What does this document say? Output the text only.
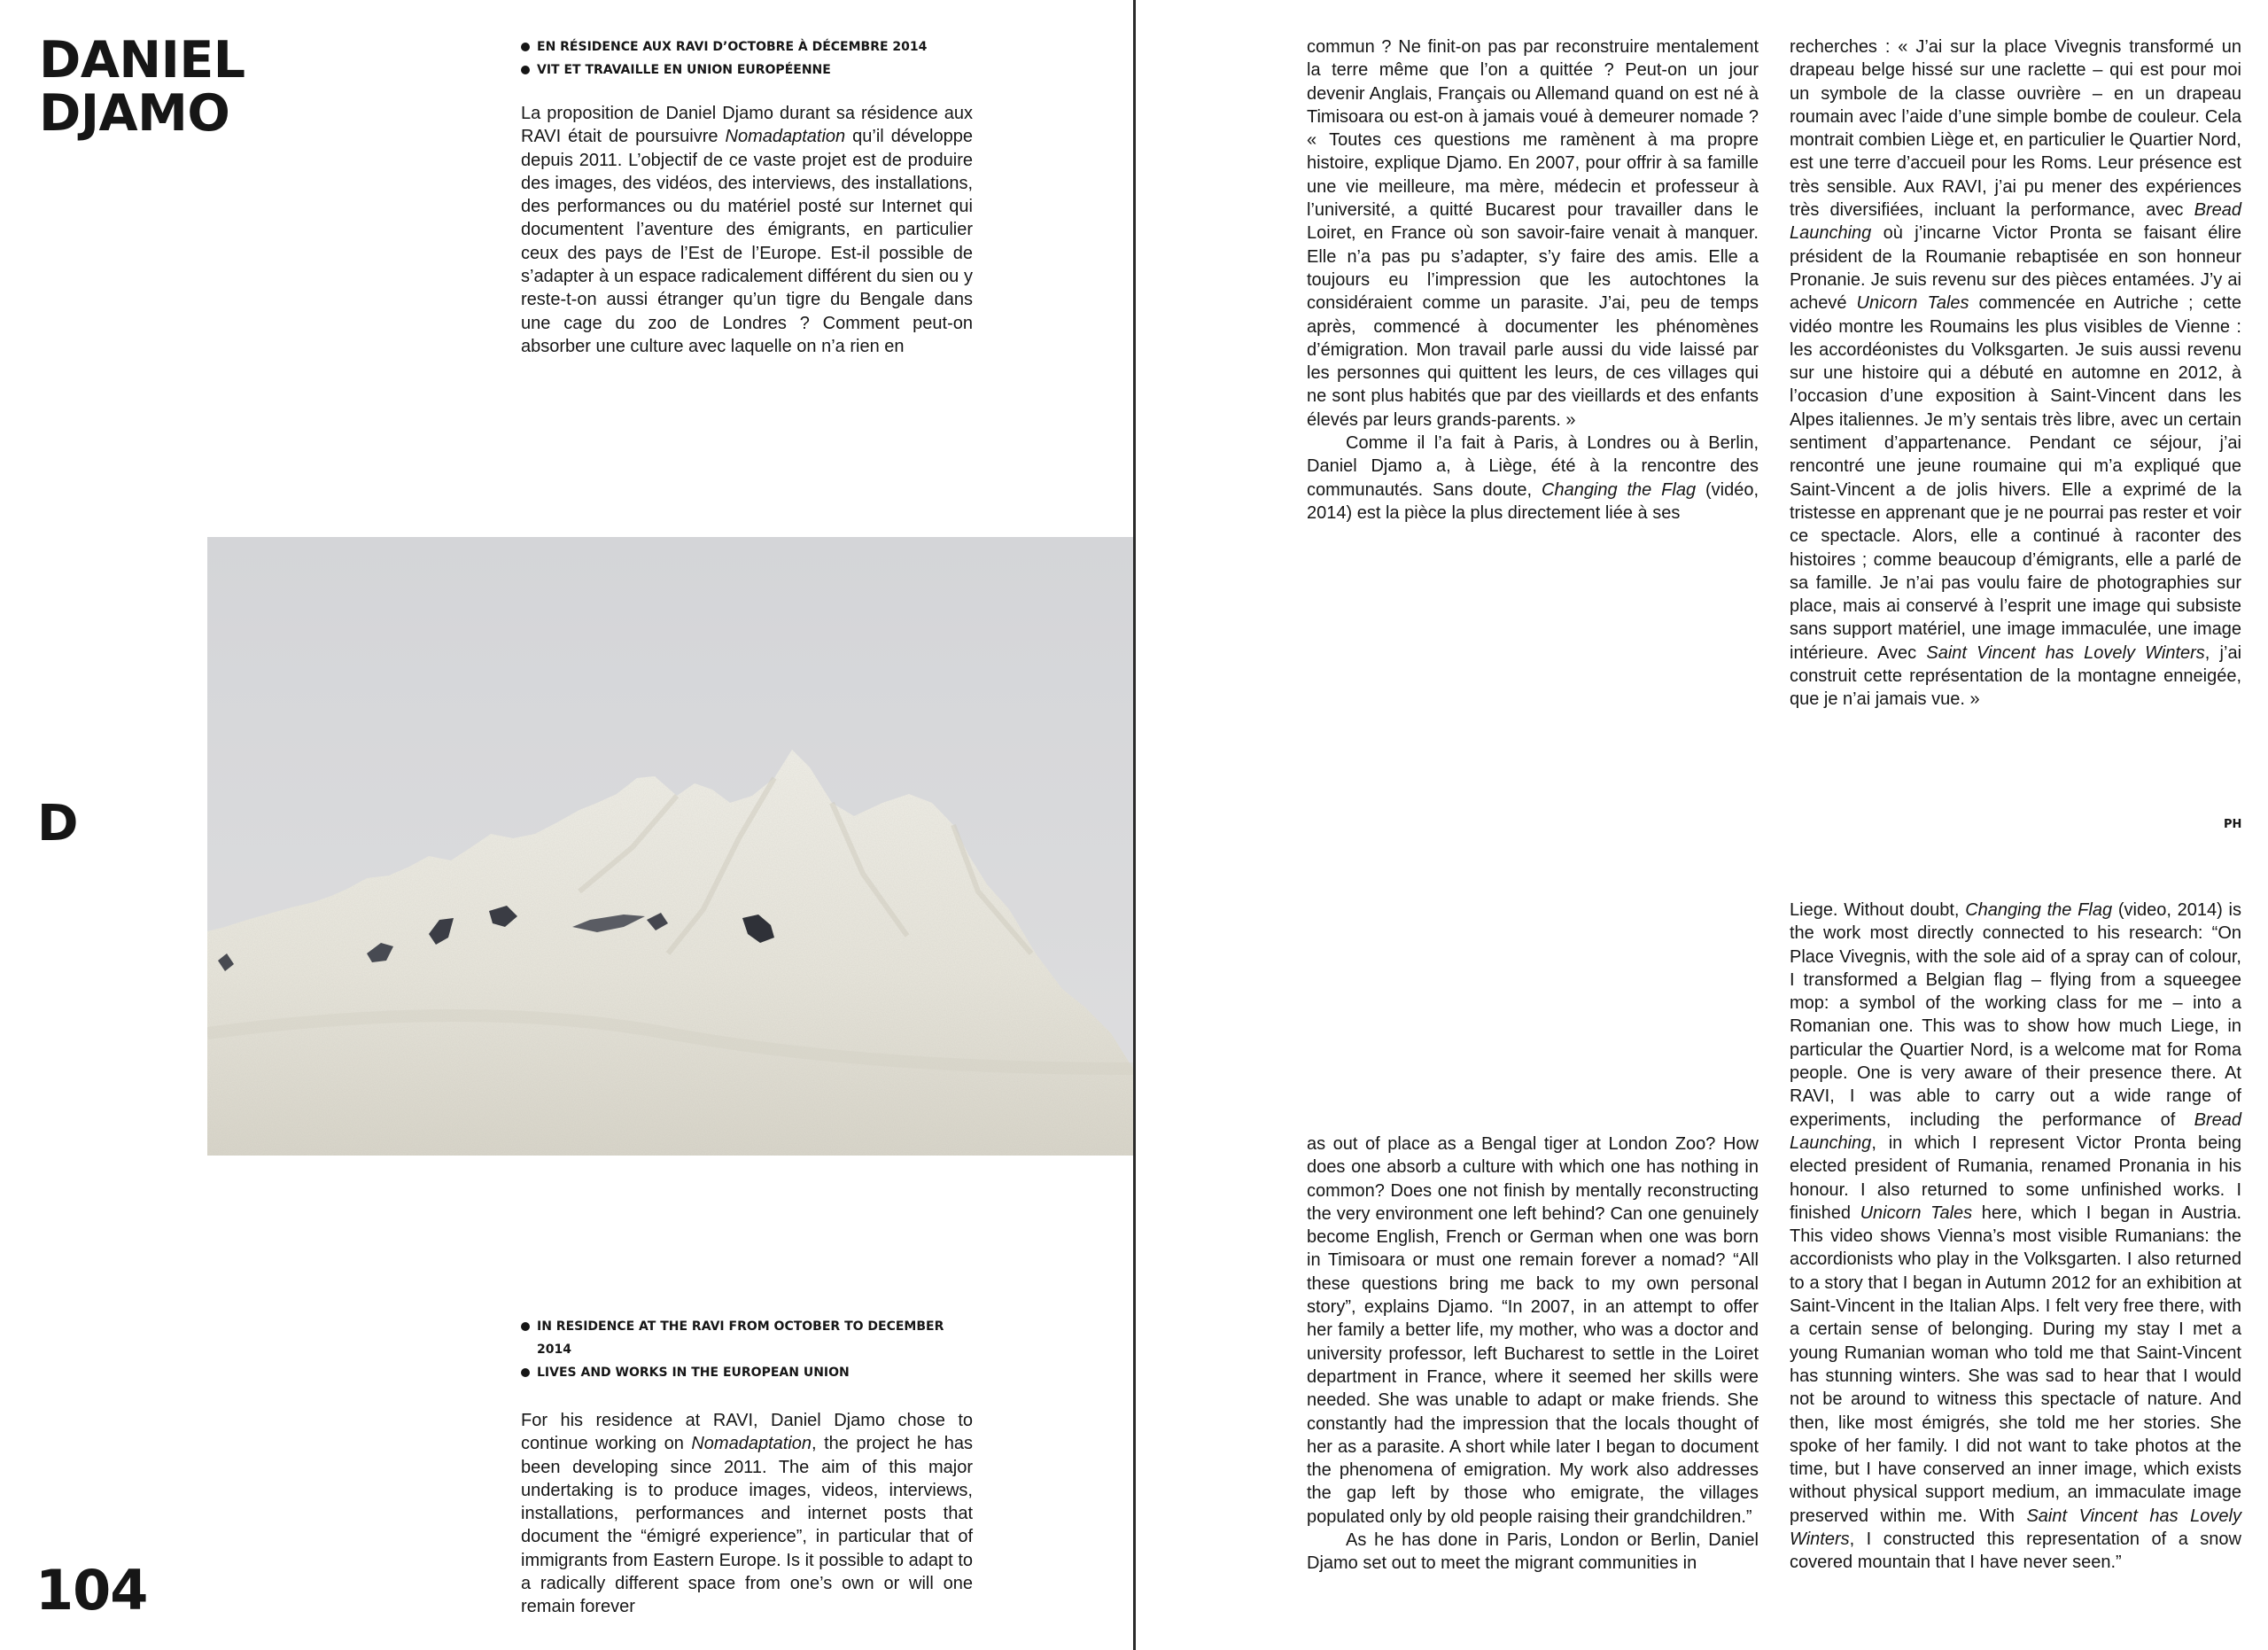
DANIEL
DJAMO
D
104
EN RÉSIDENCE AUX RAVI D’OCTOBRE À DÉCEMBRE 2014
VIT ET TRAVAILLE EN UNION EUROPÉENNE

La proposition de Daniel Djamo durant sa résidence aux RAVI était de poursuivre Nomadaptation qu’il développe depuis 2011. L’objectif de ce vaste projet est de produire des images, des vidéos, des interviews, des installations, des performances ou du matériel posté sur Internet qui documentent l’aventure des émigrants, en particulier ceux des pays de l’Est de l’Europe. Est-il possible de s’adapter à un espace radicalement différent du sien ou y reste-t-on aussi étranger qu’un tigre du Bengale dans une cage du zoo de Londres ? Comment peut-on absorber une culture avec laquelle on n’a rien en

commun ? Ne finit-on pas par reconstruire mentalement la terre même que l’on a quittée ? Peut-on un jour devenir Anglais, Français ou Allemand quand on est né à Timisoara ou est-on à jamais voué à demeurer nomade ? « Toutes ces questions me ramènent à ma propre histoire, explique Djamo. En 2007, pour offrir à sa famille une vie meilleure, ma mère, médecin et professeur à l’université, a quitté Bucarest pour travailler dans le Loiret, en France où son savoir-faire venait à manquer. Elle n’a pas pu s’adapter, s’y faire des amis. Elle a toujours eu l’impression que les autochtones la considéraient comme un parasite. J’ai, peu de temps après, commencé à documenter les phénomènes d’émigration. Mon travail parle aussi du vide laissé par les personnes qui quittent les leurs, de ces villages qui ne sont plus habités que par des vieillards et des enfants élevés par leurs grands-parents. »

Comme il l’a fait à Paris, à Londres ou à Berlin, Daniel Djamo a, à Liège, été à la rencontre des communautés. Sans doute, Changing the Flag (vidéo, 2014) est la pièce la plus directement liée à ses

recherches : « J’ai sur la place Vivegnis transformé un drapeau belge hissé sur une raclette – qui est pour moi un symbole de la classe ouvrière – en un drapeau roumain avec l’aide d’une simple bombe de couleur. Cela montrait combien Liège et, en particulier le Quartier Nord, est une terre d’accueil pour les Roms. Leur présence est très sensible. Aux RAVI, j’ai pu mener des expériences très diversifiées, incluant la performance, avec Bread Launching où j’incarne Victor Pronta se faisant élire président de la Roumanie rebaptisée en son honneur Pronanie. Je suis revenu sur des pièces entamées. J’y ai achevé Unicorn Tales commencée en Autriche ; cette vidéo montre les Roumains les plus visibles de Vienne : les accordéonistes du Volksgarten. Je suis aussi revenu sur une histoire qui a débuté en automne en 2012, à l’occasion d’une exposition à Saint-Vincent dans les Alpes italiennes. Je m’y sentais très libre, avec un certain sentiment d’appartenance. Pendant ce séjour, j’ai rencontré une jeune roumaine qui m’a expliqué que Saint-Vincent a de jolis hivers. Elle a exprimé de la tristesse en apprenant que je ne pourrai pas rester et voir ce spectacle. Alors, elle a continué à raconter des histoires ; comme beaucoup d’émigrants, elle a parlé de sa famille. Je n’ai pas voulu faire de photographies sur place, mais ai conservé à l’esprit une image qui subsiste sans support matériel, une image immaculée, une image intérieure. Avec Saint Vincent has Lovely Winters, j’ai construit cette représentation de la montagne enneigée, que je n’ai jamais vue. »

PH
IN RESIDENCE AT THE RAVI FROM OCTOBER TO DECEMBER 2014
LIVES AND WORKS IN THE EUROPEAN UNION

For his residence at RAVI, Daniel Djamo chose to continue working on Nomadaptation, the project he has been developing since 2011. The aim of this major undertaking is to produce images, videos, interviews, installations, performances and internet posts that document the “émigré experience”, in particular that of immigrants from Eastern Europe. Is it possible to adapt to a radically different space from one’s own or will one remain forever

as out of place as a Bengal tiger at London Zoo? How does one absorb a culture with which one has nothing in common? Does one not finish by mentally reconstructing the very environment one left behind? Can one genuinely become English, French or German when one was born in Timisoara or must one remain forever a nomad? “All these questions bring me back to my own personal story”, explains Djamo. “In 2007, in an attempt to offer her family a better life, my mother, who was a doctor and university professor, left Bucharest to settle in the Loiret department in France, where it seemed her skills were needed. She was unable to adapt or make friends. She constantly had the impression that the locals thought of her as a parasite. A short while later I began to document the phenomena of emigration. My work also addresses the gap left by those who emigrate, the villages populated only by old people raising their grandchildren.”

As he has done in Paris, London or Berlin, Daniel Djamo set out to meet the migrant communities in

Liege. Without doubt, Changing the Flag (video, 2014) is the work most directly connected to his research: “On Place Vivegnis, with the sole aid of a spray can of colour, I transformed a Belgian flag – flying from a squeegee mop: a symbol of the working class for me – into a Romanian one. This was to show how much Liege, in particular the Quartier Nord, is a welcome mat for Roma people. One is very aware of their presence there. At RAVI, I was able to carry out a wide range of experiments, including the performance of Bread Launching, in which I represent Victor Pronta being elected president of Rumania, renamed Pronania in his honour. I also returned to some unfinished works. I finished Unicorn Tales here, which I began in Austria. This video shows Vienna’s most visible Rumanians: the accordionists who play in the Volksgarten. I also returned to a story that I began in Autumn 2012 for an exhibition at Saint-Vincent in the Italian Alps. I felt very free there, with a certain sense of belonging. During my stay I met a young Rumanian woman who told me that Saint-Vincent has stunning winters. She was sad to hear that I would not be around to witness this spectacle of nature. And then, like most émigrés, she told me her stories. She spoke of her family. I did not want to take photos at the time, but I have conserved an inner image, which exists without physical support medium, an immaculate image preserved within me. With Saint Vincent has Lovely Winters, I constructed this representation of a snow covered mountain that I have never seen.”
